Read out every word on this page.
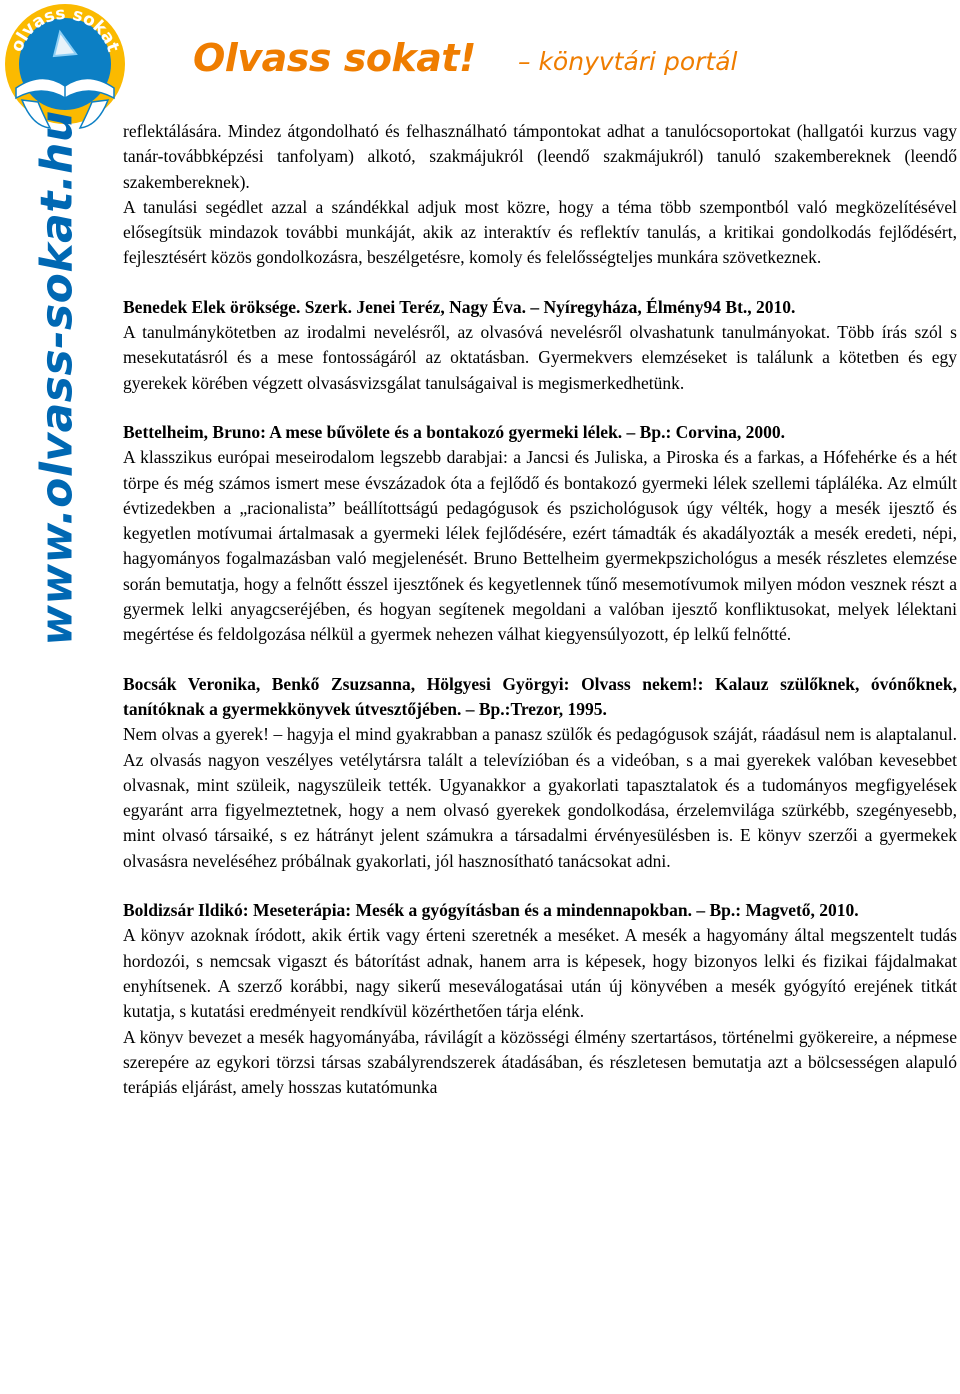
olvass sokat Olvass sokat! – könyvtári portál
www.olvass-sokat.hu reflektálására. Mindez átgondolható és felhasználható támpontokat adhat a tanulócsoportokat (hallgatói kurzus vagy tanár-továbbképzési tanfolyam) alkotó, szakmájukról (leendő szakmájukról) tanuló szakembereknek (leendő szakembereknek).

A tanulási segédlet azzal a szándékkal adjuk most közre, hogy a téma több szempontból való megközelítésével elősegítsük mindazok további munkáját, akik az interaktív és reflektív tanulás, a kritikai gondolkodás fejlődésért, fejlesztésért közös gondolkozásra, beszélgetésre, komoly és felelősségteljes munkára szövetkeznek.

Benedek Elek öröksége. Szerk. Jenei Teréz, Nagy Éva. – Nyíregyháza, Élmény94 Bt., 2010.

A tanulmánykötetben az irodalmi nevelésről, az olvasóvá nevelésről olvashatunk tanulmányokat. Több írás szól s mesekutatásról és a mese fontosságáról az oktatásban. Gyermekvers elemzéseket is találunk a kötetben és egy gyerekek körében végzett olvasásvizsgálat tanulságaival is megismerkedhetünk.

Bettelheim, Bruno: A mese bűvölete és a bontakozó gyermeki lélek. – Bp.: Corvina, 2000.

A klasszikus európai meseirodalom legszebb darabjai: a Jancsi és Juliska, a Piroska és a farkas, a Hófehérke és a hét törpe és még számos ismert mese évszázadok óta a fejlődő és bontakozó gyermeki lélek szellemi tápláléka. Az elmúlt évtizedekben a „racionalista” beállítottságú pedagógusok és pszichológusok úgy vélték, hogy a mesék ijesztő és kegyetlen motívumai ártalmasak a gyermeki lélek fejlődésére, ezért támadták és akadályozták a mesék eredeti, népi, hagyományos fogalmazásban való megjelenését. Bruno Bettelheim gyermekpszichológus a mesék részletes elemzése során bemutatja, hogy a felnőtt ésszel ijesztőnek és kegyetlennek tűnő mesemotívumok milyen módon vesznek részt a gyermek lelki anyagcseréjében, és hogyan segítenek megoldani a valóban ijesztő konfliktusokat, melyek lélektani megértése és feldolgozása nélkül a gyermek nehezen válhat kiegyensúlyozott, ép lelkű felnőtté.

Bocsák Veronika, Benkő Zsuzsanna, Hölgyesi Györgyi: Olvass nekem!: Kalauz szülőknek, óvónőknek, tanítóknak a gyermekkönyvek útvesztőjében. – Bp.:Trezor, 1995.

Nem olvas a gyerek! – hagyja el mind gyakrabban a panasz szülők és pedagógusok száját, ráadásul nem is alaptalanul. Az olvasás nagyon veszélyes vetélytársra talált a televízióban és a videóban, s a mai gyerekek valóban kevesebbet olvasnak, mint szüleik, nagyszüleik tették. Ugyanakkor a gyakorlati tapasztalatok és a tudományos megfigyelések egyaránt arra figyelmeztetnek, hogy a nem olvasó gyerekek gondolkodása, érzelemvilága szürkébb, szegényesebb, mint olvasó társaiké, s ez hátrányt jelent számukra a társadalmi érvényesülésben is. E könyv szerzői a gyermekek olvasásra neveléséhez próbálnak gyakorlati, jól hasznosítható tanácsokat adni.

Boldizsár Ildikó: Meseterápia: Mesék a gyógyításban és a mindennapokban. – Bp.: Magvető, 2010.

A könyv azoknak íródott, akik értik vagy érteni szeretnék a meséket. A mesék a hagyomány által megszentelt tudás hordozói, s nemcsak vigaszt és bátorítást adnak, hanem arra is képesek, hogy bizonyos lelki és fizikai fájdalmakat enyhítsenek. A szerző korábbi, nagy sikerű meseválogatásai után új könyvében a mesék gyógyító erejének titkát kutatja, s kutatási eredményeit rendkívül közérthetően tárja elénk.

A könyv bevezet a mesék hagyományába, rávilágít a közösségi élmény szertartásos, történelmi gyökereire, a népmese szerepére az egykori törzsi társas szabályrendszerek átadásában, és részletesen bemutatja azt a bölcsességen alapuló terápiás eljárást, amely hosszas kutatómunka
